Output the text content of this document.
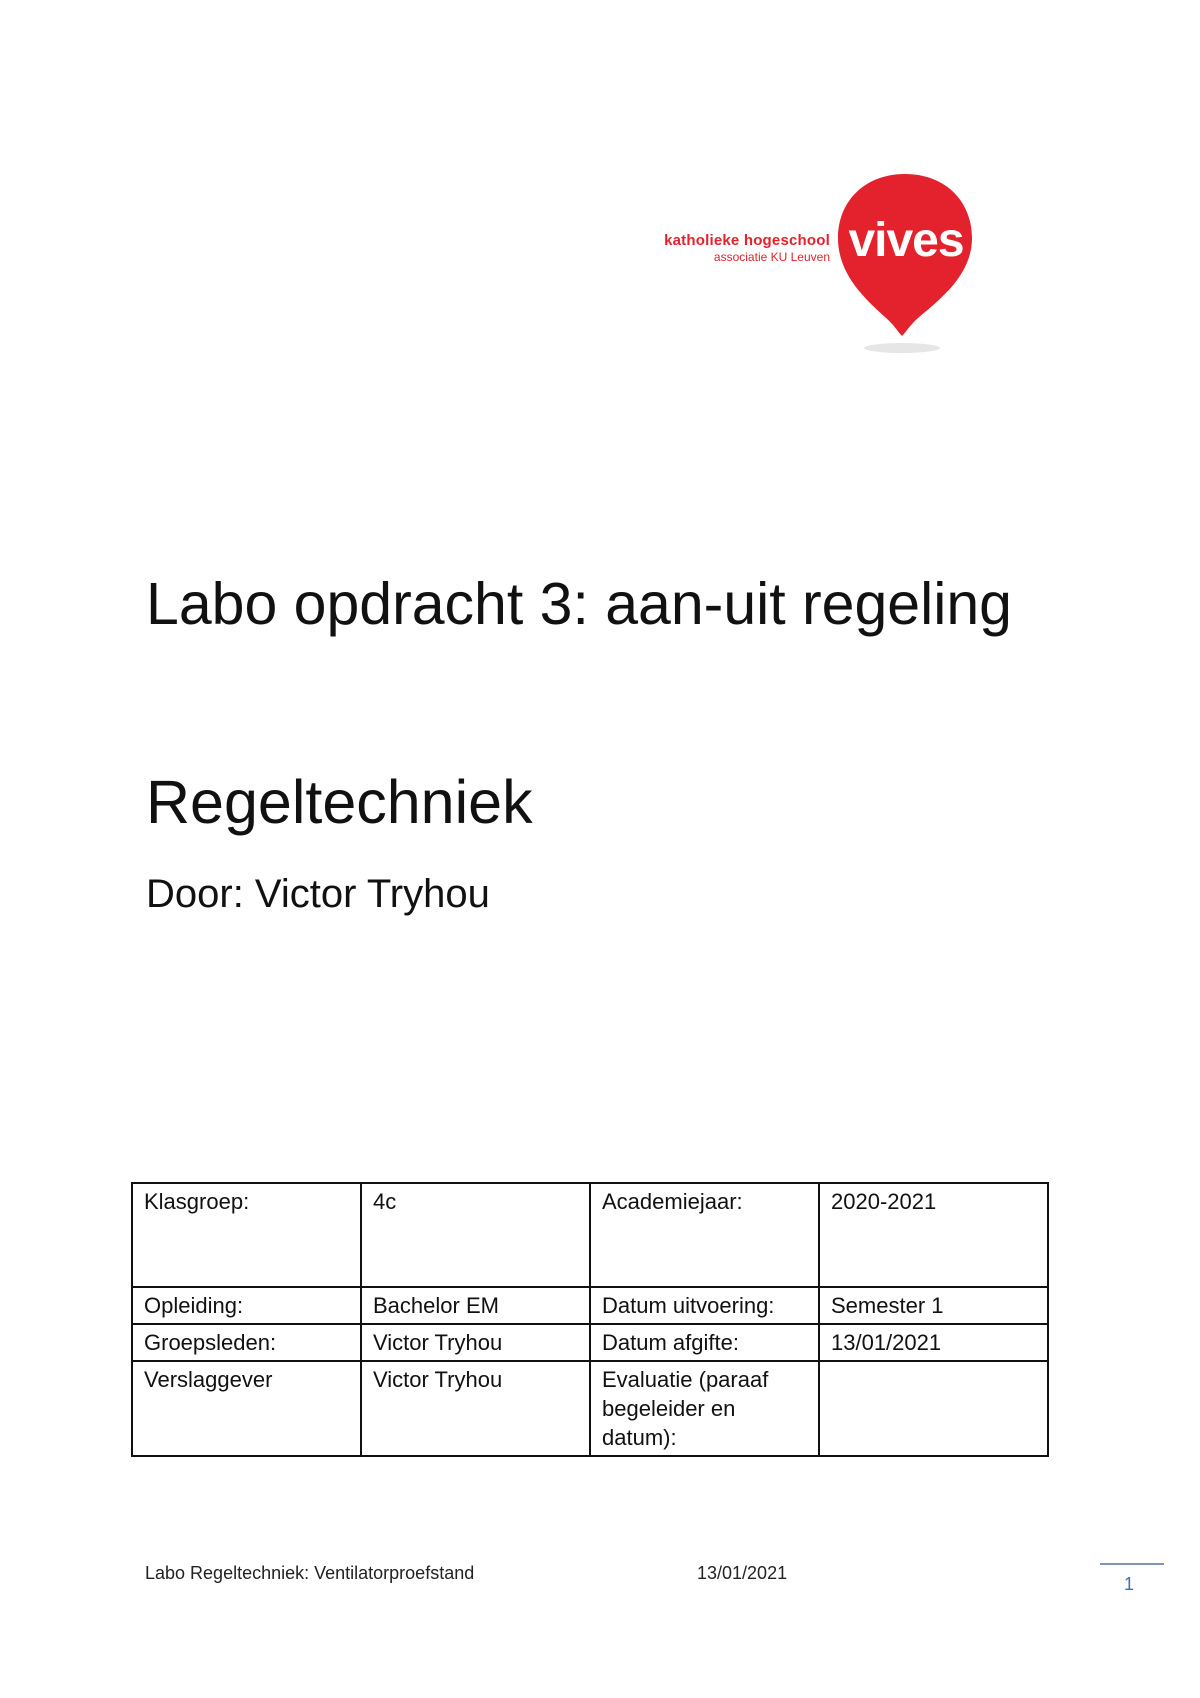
katholieke hogeschool
associatie KU Leuven vives
Labo opdracht 3: aan-uit regeling
Regeltechniek
Door: Victor Tryhou
Klasgroep:	4c	Academiejaar:	2020-2021
Opleiding:	Bachelor EM	Datum uitvoering:	Semester 1
Groepsleden:	Victor Tryhou	Datum afgifte:	13/01/2021
Verslaggever	Victor Tryhou	Evaluatie (paraaf begeleider en datum):	
Labo Regeltechniek: Ventilatorproefstand	13/01/2021
1
